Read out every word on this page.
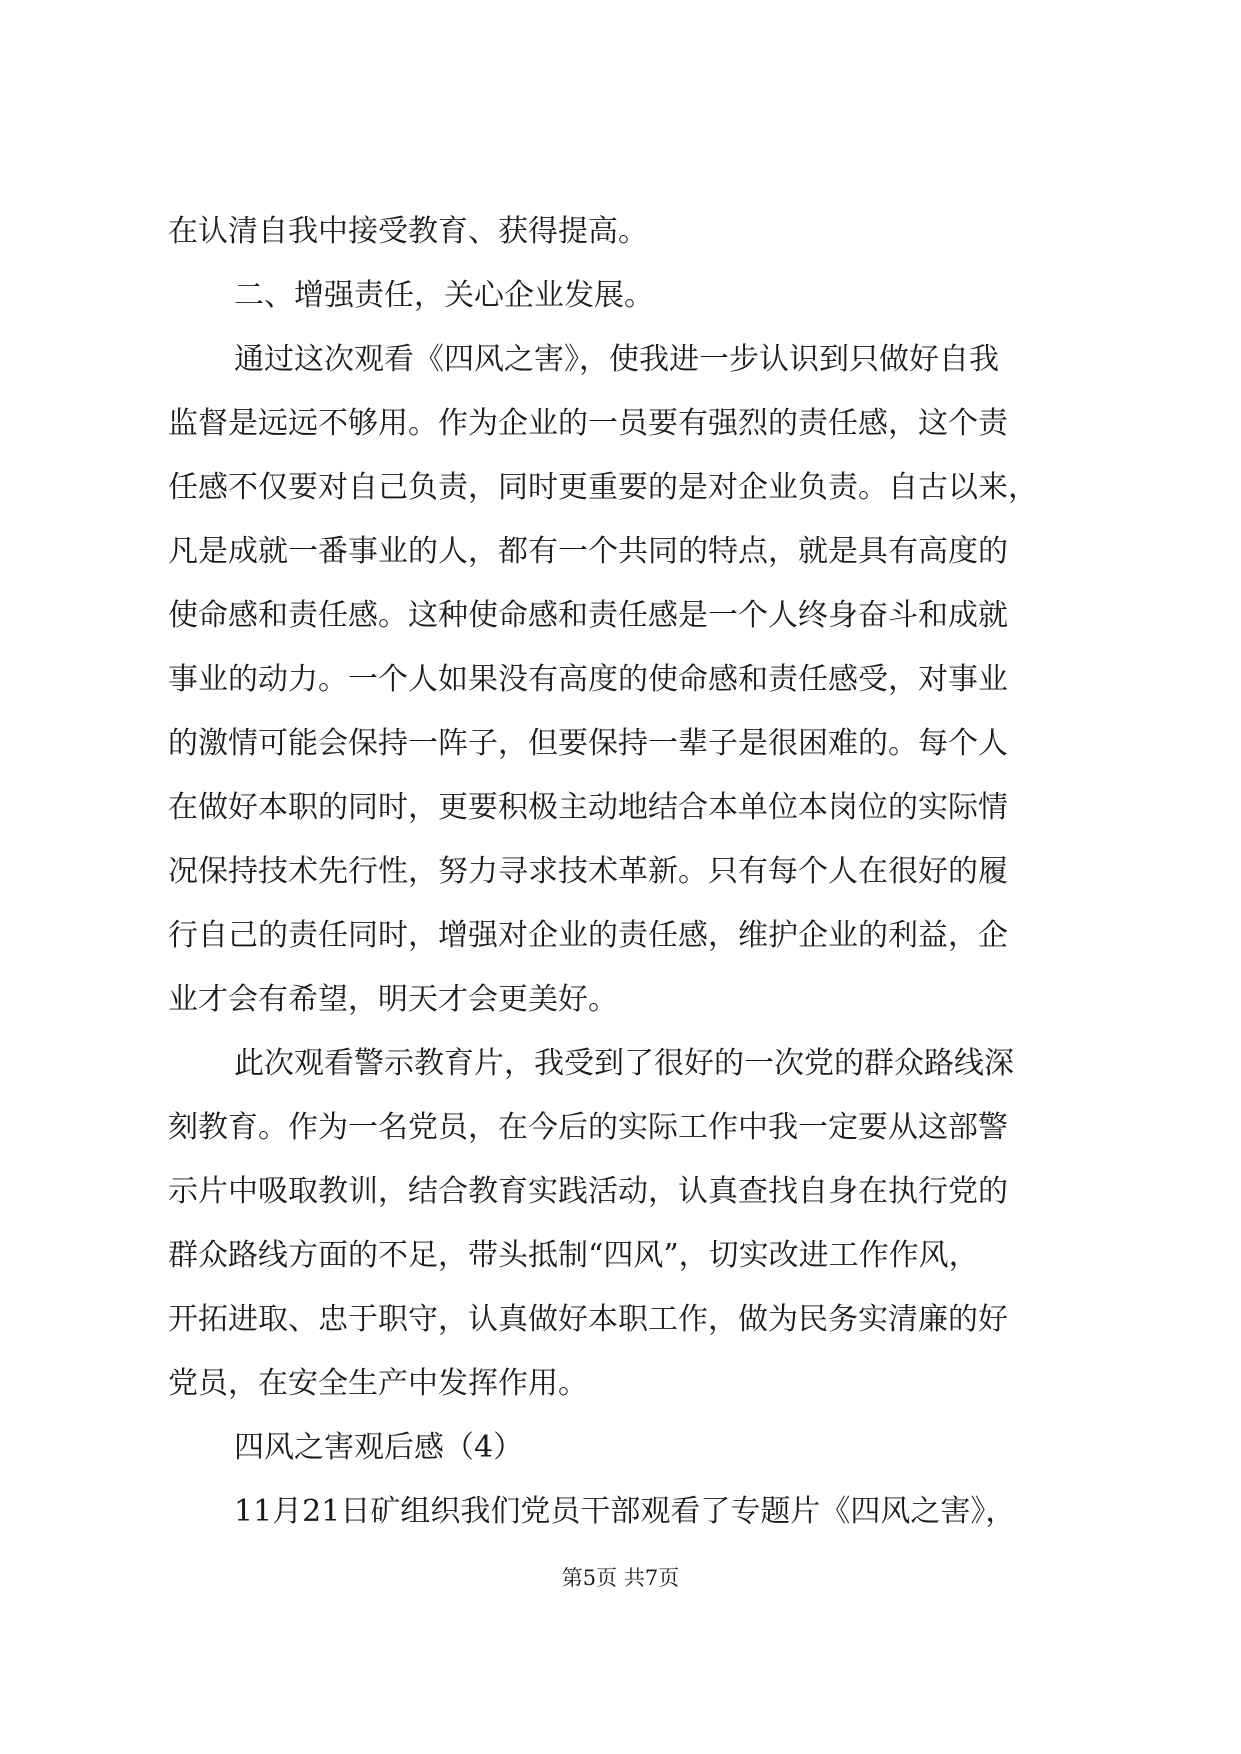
在认清自我中接受教育、获得提高。
二、增强责任，关心企业发展。
通过这次观看《四风之害》，使我进一步认识到只做好自我
监督是远远不够用。作为企业的一员要有强烈的责任感，这个责
任感不仅要对自己负责，同时更重要的是对企业负责。自古以来，
凡是成就一番事业的人，都有一个共同的特点，就是具有高度的
使命感和责任感。这种使命感和责任感是一个人终身奋斗和成就
事业的动力。一个人如果没有高度的使命感和责任感受，对事业
的激情可能会保持一阵子，但要保持一辈子是很困难的。每个人
在做好本职的同时，更要积极主动地结合本单位本岗位的实际情
况保持技术先行性，努力寻求技术革新。只有每个人在很好的履
行自己的责任同时，增强对企业的责任感，维护企业的利益，企
业才会有希望，明天才会更美好。
此次观看警示教育片，我受到了很好的一次党的群众路线深
刻教育。作为一名党员，在今后的实际工作中我一定要从这部警
示片中吸取教训，结合教育实践活动，认真查找自身在执行党的
群众路线方面的不足，带头抵制“四风”，切实改进工作作风，
开拓进取、忠于职守，认真做好本职工作，做为民务实清廉的好
党员，在安全生产中发挥作用。
四风之害观后感（4）
11月21日矿组织我们党员干部观看了专题片《四风之害》，
第5页 共7页
